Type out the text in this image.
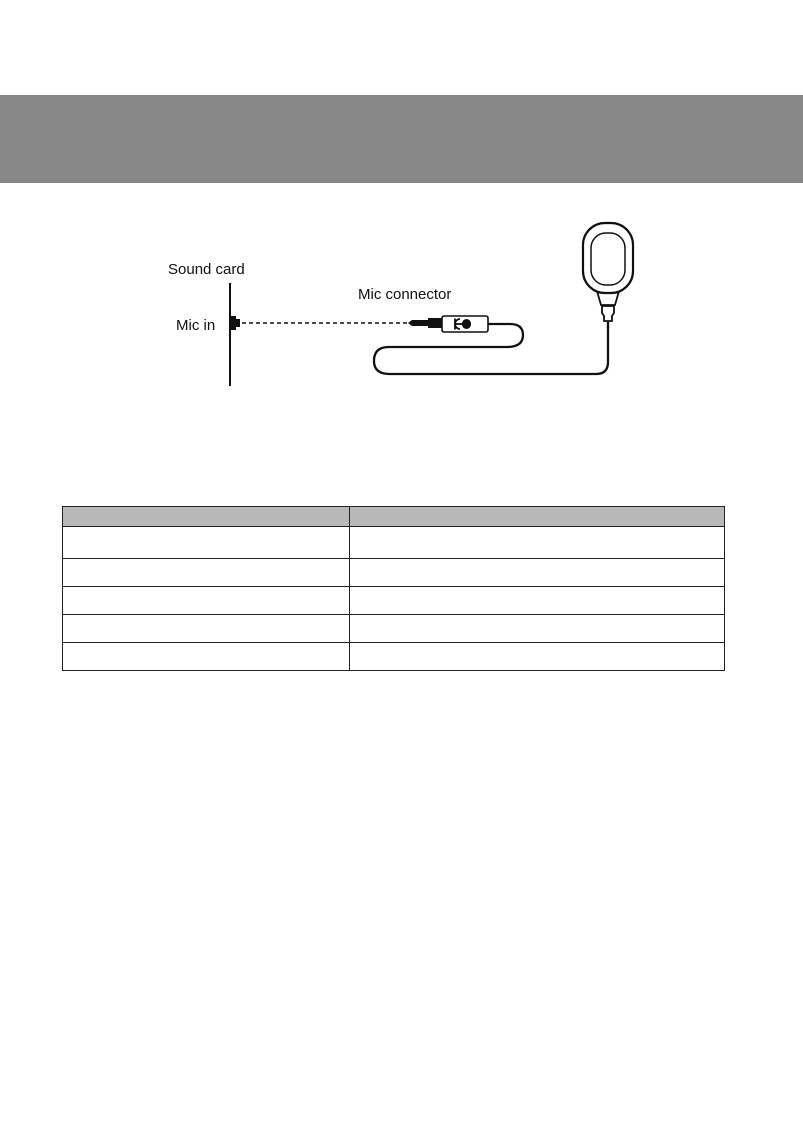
Sound card
Mic in
Mic connector
